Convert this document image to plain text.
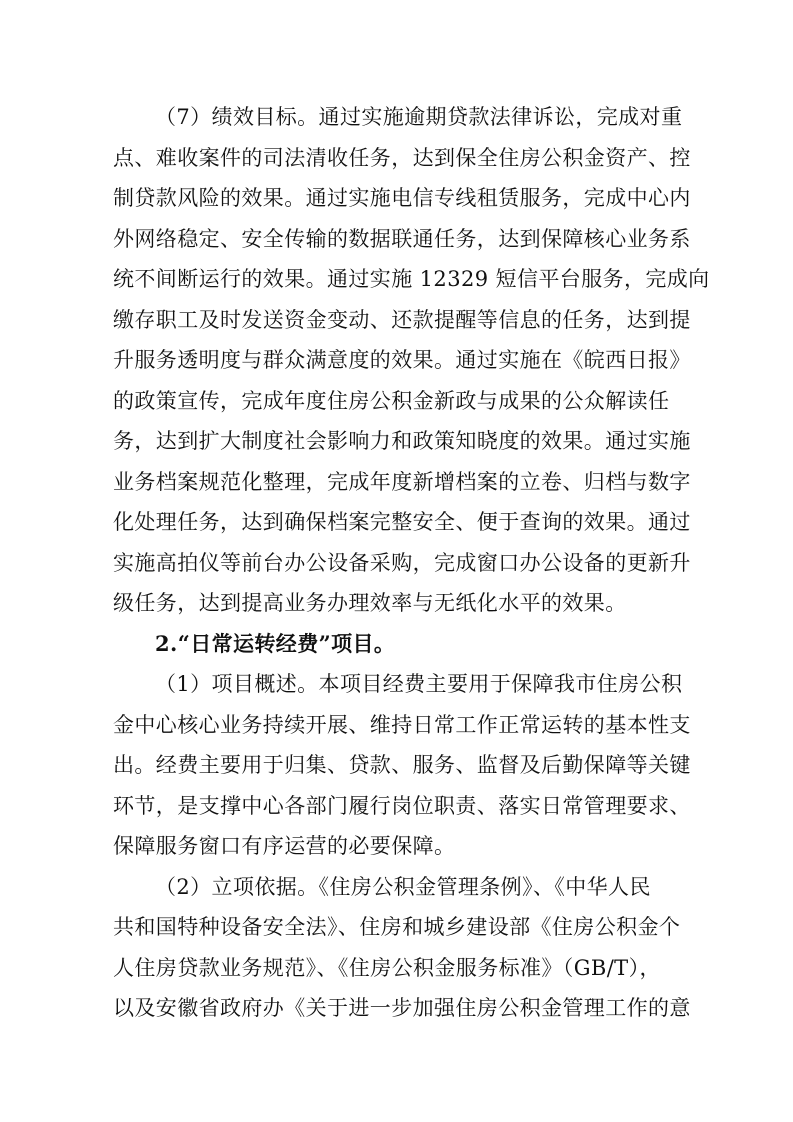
（7）绩效目标。通过实施逾期贷款法律诉讼，完成对重
点、难收案件的司法清收任务，达到保全住房公积金资产、控
制贷款风险的效果。通过实施电信专线租赁服务，完成中心内
外网络稳定、安全传输的数据联通任务，达到保障核心业务系
统不间断运行的效果。通过实施 12329 短信平台服务，完成向
缴存职工及时发送资金变动、还款提醒等信息的任务，达到提
升服务透明度与群众满意度的效果。通过实施在《皖西日报》
的政策宣传，完成年度住房公积金新政与成果的公众解读任
务，达到扩大制度社会影响力和政策知晓度的效果。通过实施
业务档案规范化整理，完成年度新增档案的立卷、归档与数字
化处理任务，达到确保档案完整安全、便于查询的效果。通过
实施高拍仪等前台办公设备采购，完成窗口办公设备的更新升
级任务，达到提高业务办理效率与无纸化水平的效果。
2.“日常运转经费”项目。
（1）项目概述。本项目经费主要用于保障我市住房公积
金中心核心业务持续开展、维持日常工作正常运转的基本性支
出。经费主要用于归集、贷款、服务、监督及后勤保障等关键
环节，是支撑中心各部门履行岗位职责、落实日常管理要求、
保障服务窗口有序运营的必要保障。
（2）立项依据。《住房公积金管理条例》、《中华人民
共和国特种设备安全法》、住房和城乡建设部《住房公积金个
人住房贷款业务规范》、《住房公积金服务标准》（GB/T），
以及安徽省政府办《关于进一步加强住房公积金管理工作的意
